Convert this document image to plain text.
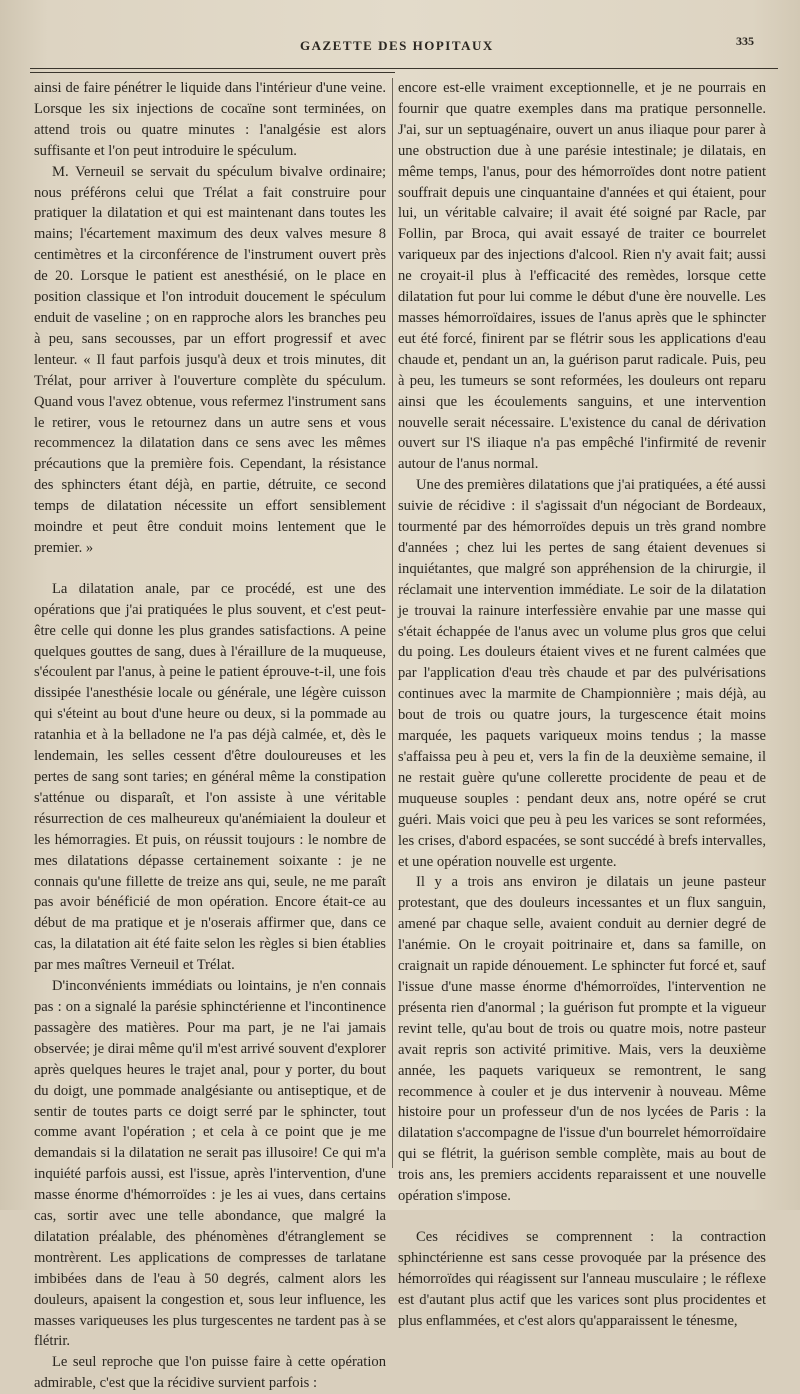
GAZETTE DES HOPITAUX	335

ainsi de faire pénétrer le liquide dans l'intérieur d'une veine. Lorsque les six injections de cocaïne sont terminées, on attend trois ou quatre minutes : l'analgésie est alors suffisante et l'on peut introduire le spéculum.

M. Verneuil se servait du spéculum bivalve ordinaire; nous préférons celui que Trélat a fait construire pour pratiquer la dilatation et qui est maintenant dans toutes les mains; l'écartement maximum des deux valves mesure 8 centimètres et la circonférence de l'instrument ouvert près de 20. Lorsque le patient est anesthésié, on le place en position classique et l'on introduit doucement le spéculum enduit de vaseline ; on en rapproche alors les branches peu à peu, sans secousses, par un effort progressif et avec lenteur. « Il faut parfois jusqu'à deux et trois minutes, dit Trélat, pour arriver à l'ouverture complète du spéculum. Quand vous l'avez obtenue, vous refermez l'instrument sans le retirer, vous le retournez dans un autre sens et vous recommencez la dilatation dans ce sens avec les mêmes précautions que la première fois. Cependant, la résistance des sphincters étant déjà, en partie, détruite, ce second temps de dilatation nécessite un effort sensiblement moindre et peut être conduit moins lentement que le premier. »

La dilatation anale, par ce procédé, est une des opérations que j'ai pratiquées le plus souvent, et c'est peut-être celle qui donne les plus grandes satisfactions. A peine quelques gouttes de sang, dues à l'éraillure de la muqueuse, s'écoulent par l'anus, à peine le patient éprouve-t-il, une fois dissipée l'anesthésie locale ou générale, une légère cuisson qui s'éteint au bout d'une heure ou deux, si la pommade au ratanhia et à la belladone ne l'a pas déjà calmée, et, dès le lendemain, les selles cessent d'être douloureuses et les pertes de sang sont taries; en général même la constipation s'atténue ou disparaît, et l'on assiste à une véritable résurrection de ces malheureux qu'anémiaient la douleur et les hémorragies. Et puis, on réussit toujours : le nombre de mes dilatations dépasse certainement soixante : je ne connais qu'une fillette de treize ans qui, seule, ne me paraît pas avoir bénéficié de mon opération. Encore était-ce au début de ma pratique et je n'oserais affirmer que, dans ce cas, la dilatation ait été faite selon les règles si bien établies par mes maîtres Verneuil et Trélat.

D'inconvénients immédiats ou lointains, je n'en connais pas : on a signalé la parésie sphinctérienne et l'incontinence passagère des matières. Pour ma part, je ne l'ai jamais observée; je dirai même qu'il m'est arrivé souvent d'explorer après quelques heures le trajet anal, pour y porter, du bout du doigt, une pommade analgésiante ou antiseptique, et de sentir de toutes parts ce doigt serré par le sphincter, tout comme avant l'opération ; et cela à ce point que je me demandais si la dilatation ne serait pas illusoire! Ce qui m'a inquiété parfois aussi, est l'issue, après l'intervention, d'une masse énorme d'hémorroïdes : je les ai vues, dans certains cas, sortir avec une telle abondance, que malgré la dilatation préalable, des phénomènes d'étranglement se montrèrent. Les applications de compresses de tarlatane imbibées dans de l'eau à 50 degrés, calment alors les douleurs, apaisent la congestion et, sous leur influence, les masses variqueuses les plus turgescentes ne tardent pas à se flétrir.

Le seul reproche que l'on puisse faire à cette opération admirable, c'est que la récidive survient parfois :

encore est-elle vraiment exceptionnelle, et je ne pourrais en fournir que quatre exemples dans ma pratique personnelle. J'ai, sur un septuagénaire, ouvert un anus iliaque pour parer à une obstruction due à une parésie intestinale; je dilatais, en même temps, l'anus, pour des hémorroïdes dont notre patient souffrait depuis une cinquantaine d'années et qui étaient, pour lui, un véritable calvaire; il avait été soigné par Racle, par Follin, par Broca, qui avait essayé de traiter ce bourrelet variqueux par des injections d'alcool. Rien n'y avait fait; aussi ne croyait-il plus à l'efficacité des remèdes, lorsque cette dilatation fut pour lui comme le début d'une ère nouvelle. Les masses hémorroïdaires, issues de l'anus après que le sphincter eut été forcé, finirent par se flétrir sous les applications d'eau chaude et, pendant un an, la guérison parut radicale. Puis, peu à peu, les tumeurs se sont reformées, les douleurs ont reparu ainsi que les écoulements sanguins, et une intervention nouvelle serait nécessaire. L'existence du canal de dérivation ouvert sur l'S iliaque n'a pas empêché l'infirmité de revenir autour de l'anus normal.

Une des premières dilatations que j'ai pratiquées, a été aussi suivie de récidive : il s'agissait d'un négociant de Bordeaux, tourmenté par des hémorroïdes depuis un très grand nombre d'années ; chez lui les pertes de sang étaient devenues si inquiétantes, que malgré son appréhension de la chirurgie, il réclamait une intervention immédiate. Le soir de la dilatation je trouvai la rainure interfessière envahie par une masse qui s'était échappée de l'anus avec un volume plus gros que celui du poing. Les douleurs étaient vives et ne furent calmées que par l'application d'eau très chaude et par des pulvérisations continues avec la marmite de Championnière ; mais déjà, au bout de trois ou quatre jours, la turgescence était moins marquée, les paquets variqueux moins tendus ; la masse s'affaissa peu à peu et, vers la fin de la deuxième semaine, il ne restait guère qu'une collerette procidente de peau et de muqueuse souples : pendant deux ans, notre opéré se crut guéri. Mais voici que peu à peu les varices se sont reformées, les crises, d'abord espacées, se sont succédé à brefs intervalles, et une opération nouvelle est urgente.

Il y a trois ans environ je dilatais un jeune pasteur protestant, que des douleurs incessantes et un flux sanguin, amené par chaque selle, avaient conduit au dernier degré de l'anémie. On le croyait poitrinaire et, dans sa famille, on craignait un rapide dénouement. Le sphincter fut forcé et, sauf l'issue d'une masse énorme d'hémorroïdes, l'intervention ne présenta rien d'anormal ; la guérison fut prompte et la vigueur revint telle, qu'au bout de trois ou quatre mois, notre pasteur avait repris son activité primitive. Mais, vers la deuxième année, les paquets variqueux se remontrent, le sang recommence à couler et je dus intervenir à nouveau. Même histoire pour un professeur d'un de nos lycées de Paris : la dilatation s'accompagne de l'issue d'un bourrelet hémorroïdaire qui se flétrit, la guérison semble complète, mais au bout de trois ans, les premiers accidents reparaissent et une nouvelle opération s'impose.

Ces récidives se comprennent : la contraction sphinctérienne est sans cesse provoquée par la présence des hémorroïdes qui réagissent sur l'anneau musculaire ; le réflexe est d'autant plus actif que les varices sont plus procidentes et plus enflammées, et c'est alors qu'apparaissent le ténesme,
